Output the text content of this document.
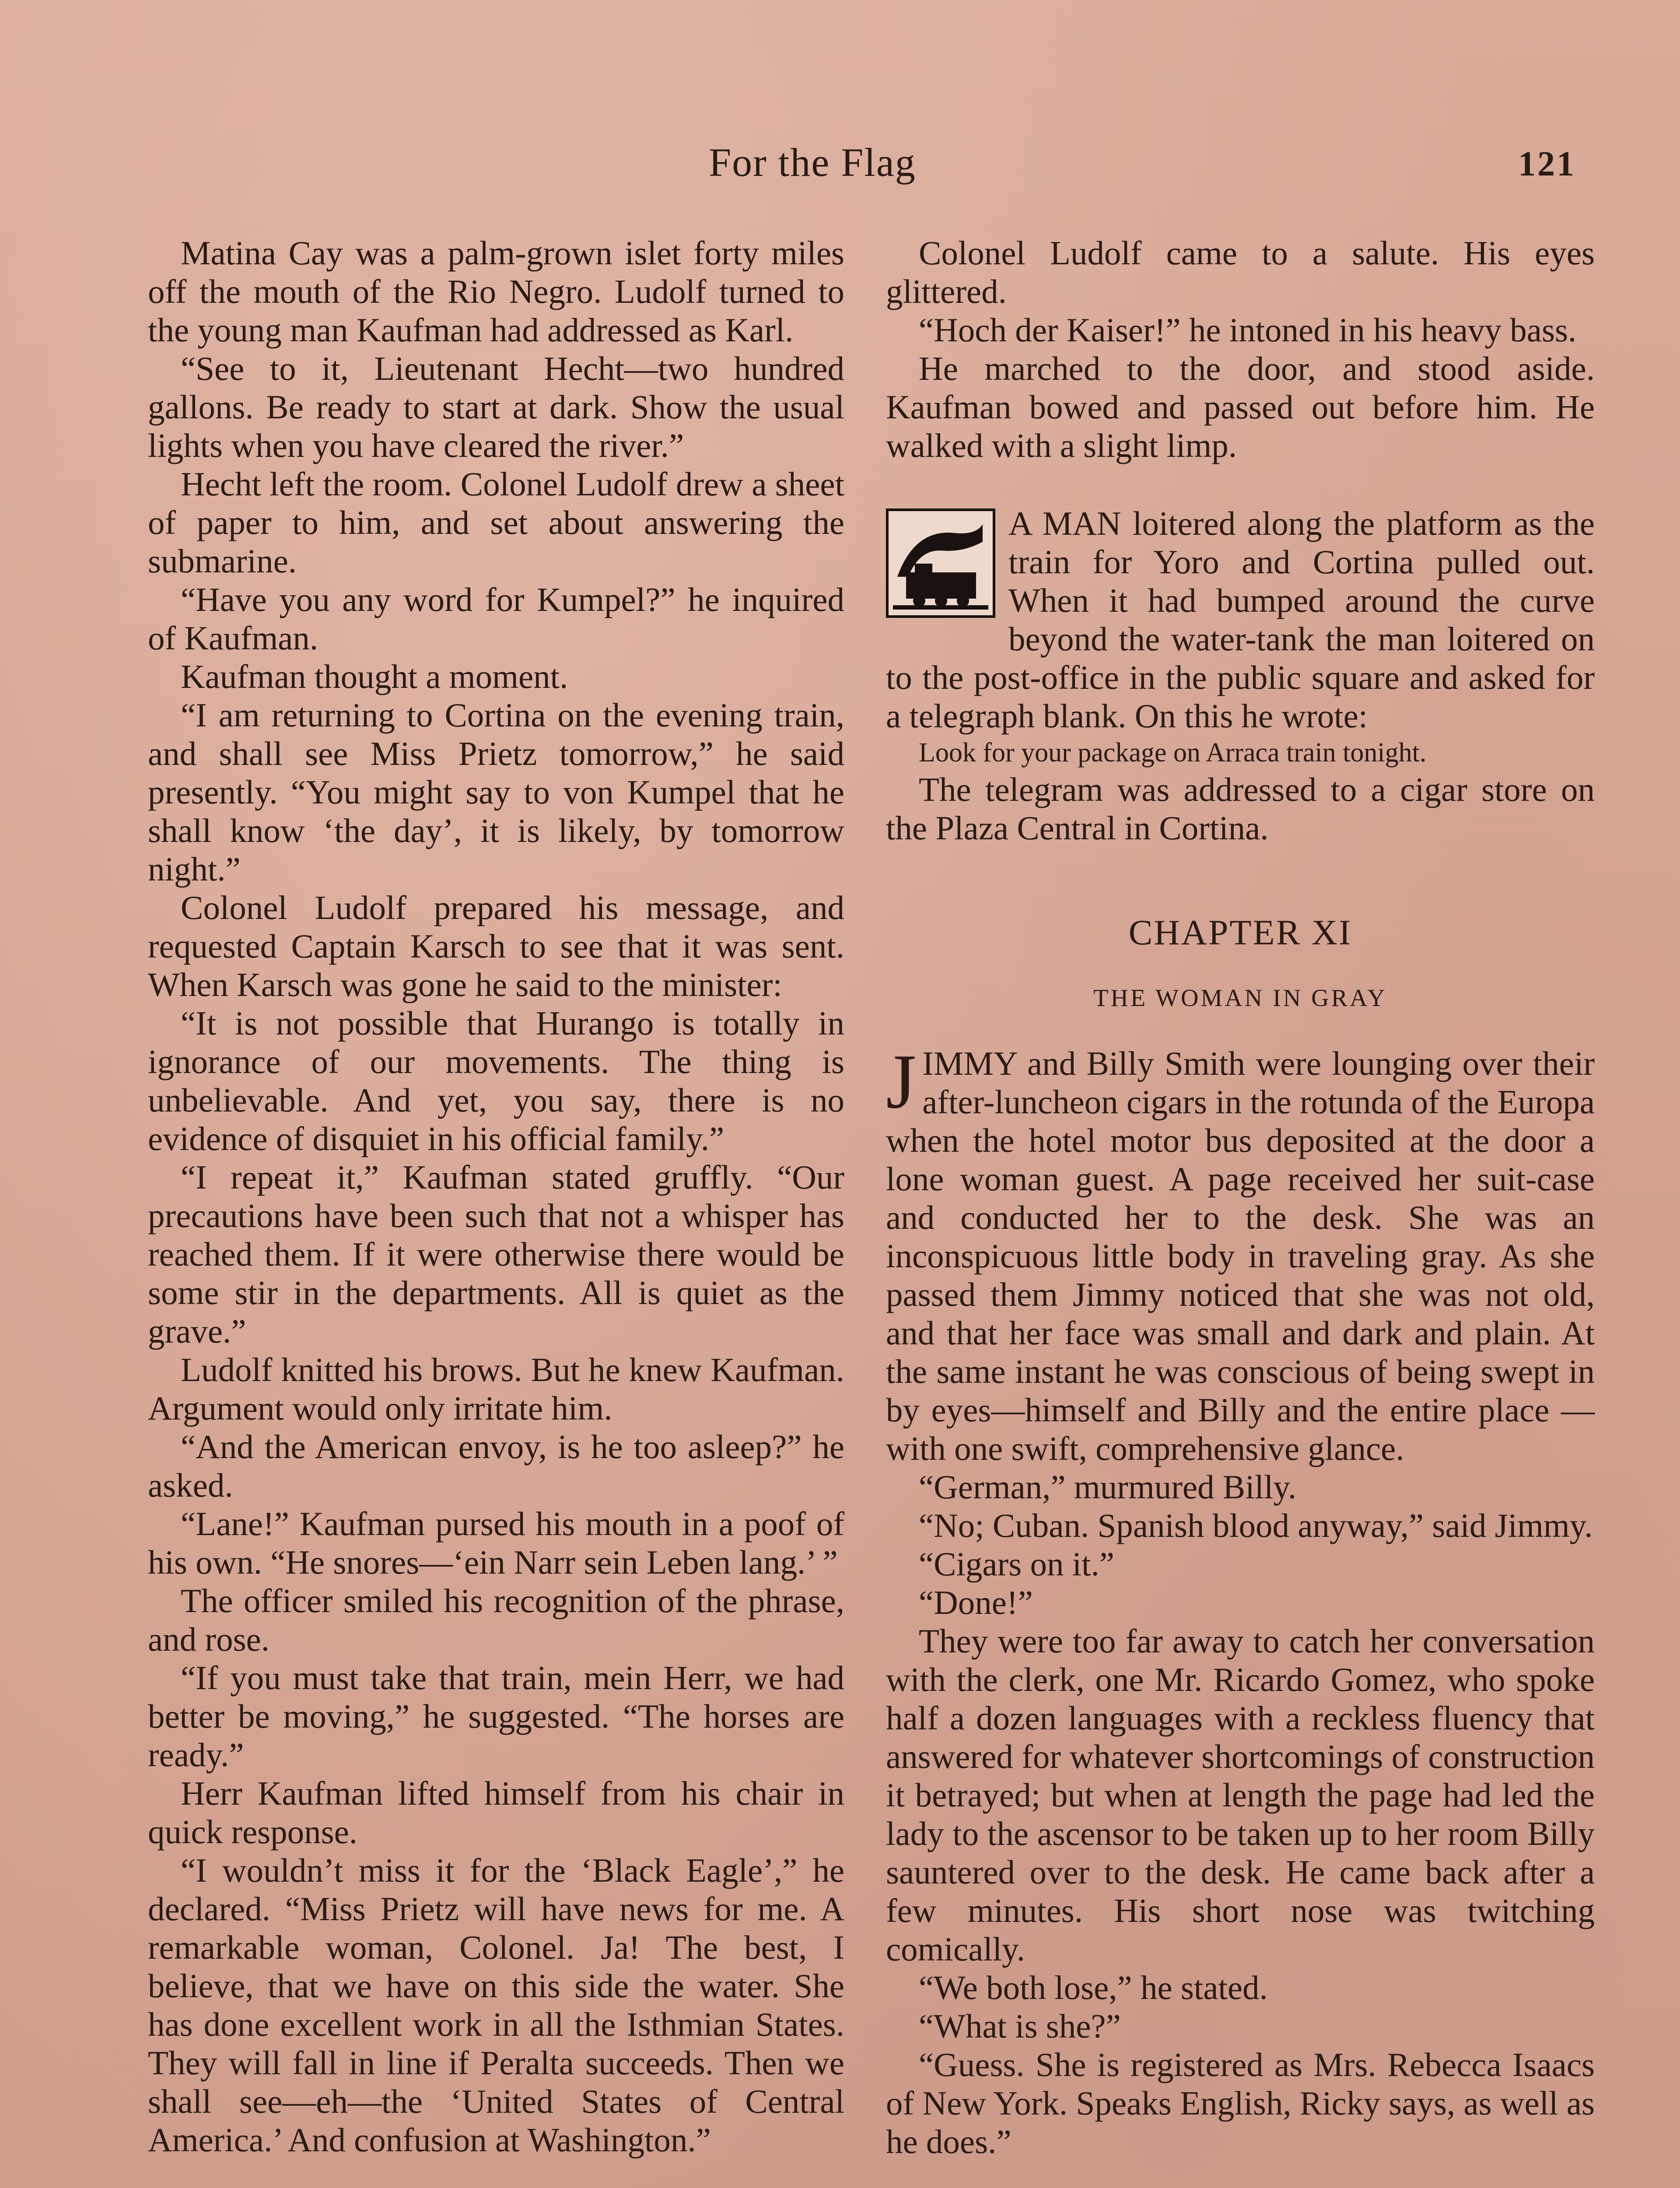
For the Flag	121

Matina Cay was a palm-grown islet forty miles off the mouth of the Rio Negro. Ludolf turned to the young man Kaufman had addressed as Karl.

“See to it, Lieutenant Hecht—two hundred gallons. Be ready to start at dark. Show the usual lights when you have cleared the river.”

Hecht left the room. Colonel Ludolf drew a sheet of paper to him, and set about answering the submarine.

“Have you any word for Kumpel?” he inquired of Kaufman.

Kaufman thought a moment.

“I am returning to Cortina on the evening train, and shall see Miss Prietz tomorrow,” he said presently. “You might say to von Kumpel that he shall know ‘the day’, it is likely, by tomorrow night.”

Colonel Ludolf prepared his message, and requested Captain Karsch to see that it was sent. When Karsch was gone he said to the minister:

“It is not possible that Hurango is totally in ignorance of our movements. The thing is unbelievable. And yet, you say, there is no evidence of disquiet in his official family.”

“I repeat it,” Kaufman stated gruffly. “Our precautions have been such that not a whisper has reached them. If it were otherwise there would be some stir in the departments. All is quiet as the grave.”

Ludolf knitted his brows. But he knew Kaufman. Argument would only irritate him.

“And the American envoy, is he too asleep?” he asked.

“Lane!” Kaufman pursed his mouth in a poof of his own. “He snores—‘ein Narr sein Leben lang.’ ”

The officer smiled his recognition of the phrase, and rose.

“If you must take that train, mein Herr, we had better be moving,” he suggested. “The horses are ready.”

Herr Kaufman lifted himself from his chair in quick response.

“I wouldn’t miss it for the ‘Black Eagle’,” he declared. “Miss Prietz will have news for me. A remarkable woman, Colonel. Ja! The best, I believe, that we have on this side the water. She has done excellent work in all the Isthmian States. They will fall in line if Peralta succeeds. Then we shall see—eh—the ‘United States of Central America.’ And confusion at Washington.”

Colonel Ludolf came to a salute. His eyes glittered.

“Hoch der Kaiser!” he intoned in his heavy bass.

He marched to the door, and stood aside. Kaufman bowed and passed out before him. He walked with a slight limp.

A MAN loitered along the platform as the train for Yoro and Cortina pulled out. When it had bumped around the curve beyond the water-tank the man loitered on to the post-office in the public square and asked for a telegraph blank. On this he wrote:

Look for your package on Arraca train tonight.

The telegram was addressed to a cigar store on the Plaza Central in Cortina.

CHAPTER XI
THE WOMAN IN GRAY
J IMMY and Billy Smith were lounging over their after-luncheon cigars in the rotunda of the Europa when the hotel motor bus deposited at the door a lone woman guest. A page received her suit-case and conducted her to the desk. She was an inconspicuous little body in traveling gray. As she passed them Jimmy noticed that she was not old, and that her face was small and dark and plain. At the same instant he was conscious of being swept in by eyes—himself and Billy and the entire place —with one swift, comprehensive glance.

“German,” murmured Billy.

“No; Cuban. Spanish blood anyway,” said Jimmy.

“Cigars on it.”

“Done!”

They were too far away to catch her conversation with the clerk, one Mr. Ricardo Gomez, who spoke half a dozen languages with a reckless fluency that answered for whatever shortcomings of construction it betrayed; but when at length the page had led the lady to the ascensor to be taken up to her room Billy sauntered over to the desk. He came back after a few minutes. His short nose was twitching comically.

“We both lose,” he stated.

“What is she?”

“Guess. She is registered as Mrs. Rebecca Isaacs of New York. Speaks English, Ricky says, as well as he does.”
